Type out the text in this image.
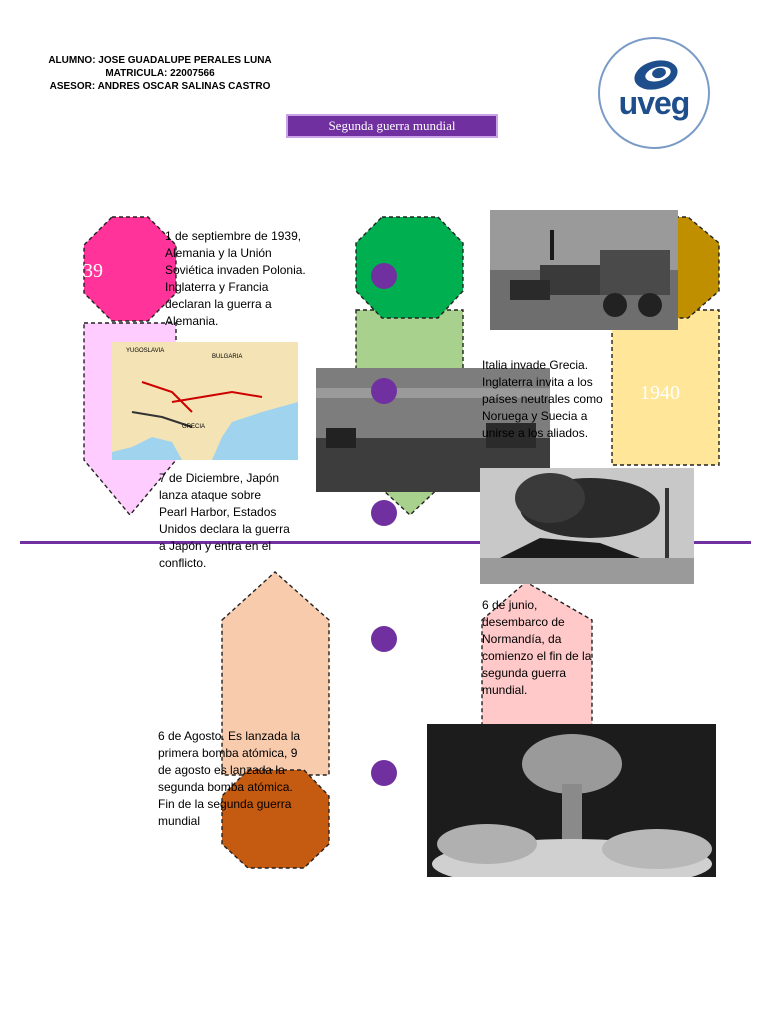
ALUMNO: JOSE GUADALUPE PERALES LUNA
MATRICULA: 22007566
ASESOR: ANDRES OSCAR SALINAS CASTRO	uveg
Segunda guerra mundial
39
1940
YUGOSLAVIA
BULGARIA
GRECIA
1 de septiembre de 1939, Alemania y la Unión Soviética invaden Polonia. Inglaterra y Francia declaran la guerra a Alemania.
Italia invade Grecia. Inglaterra invita a los países neutrales como Noruega y Suecia a unirse a los aliados.
7 de Diciembre, Japón lanza ataque sobre Pearl Harbor, Estados Unidos declara la guerra a Japón y entra en el conflicto.
6 de junio, desembarco de Normandía, da comienzo el fin de la segunda guerra mundial.
6 de Agosto. Es lanzada la primera bomba atómica, 9 de agosto es lanzada la segunda bomba atómica. Fin de la segunda guerra mundial
